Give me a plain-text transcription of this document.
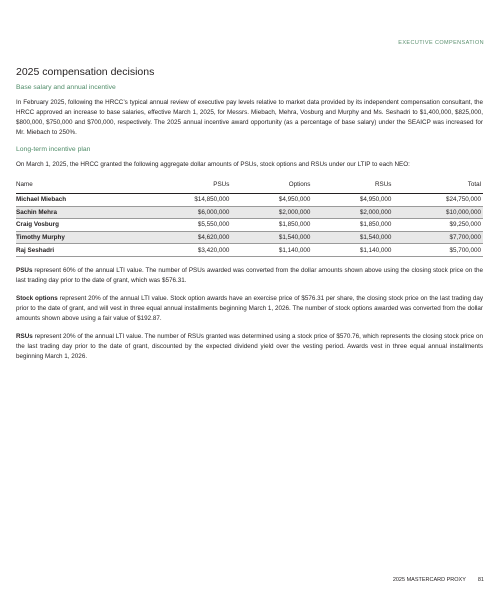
EXECUTIVE COMPENSATION
2025 compensation decisions
Base salary and annual incentive

In February 2025, following the HRCC’s typical annual review of executive pay levels relative to market data provided by its independent compensation consultant, the HRCC approved an increase to base salaries, effective March 1, 2025, for Messrs. Miebach, Mehra, Vosburg and Murphy and Ms. Seshadri to $1,400,000, $825,000, $800,000, $750,000 and $700,000, respectively. The 2025 annual incentive award opportunity (as a percentage of base salary) under the SEAICP was increased for Mr. Miebach to 250%.

Long-term incentive plan

On March 1, 2025, the HRCC granted the following aggregate dollar amounts of PSUs, stock options and RSUs under our LTIP to each NEO:

Name	PSUs	Options	RSUs	Total
Michael Miebach	$14,850,000	$4,950,000	$4,950,000	$24,750,000
Sachin Mehra	$6,000,000	$2,000,000	$2,000,000	$10,000,000
Craig Vosburg	$5,550,000	$1,850,000	$1,850,000	$9,250,000
Timothy Murphy	$4,620,000	$1,540,000	$1,540,000	$7,700,000
Raj Seshadri	$3,420,000	$1,140,000	$1,140,000	$5,700,000

PSUs represent 60% of the annual LTI value. The number of PSUs awarded was converted from the dollar amounts shown above using the closing stock price on the last trading day prior to the date of grant, which was $576.31.

Stock options represent 20% of the annual LTI value. Stock option awards have an exercise price of $576.31 per share, the closing stock price on the last trading day prior to the date of grant, and will vest in three equal annual installments beginning March 1, 2026. The number of stock options awarded was converted from the dollar amounts shown above using a fair value of $192.87.

RSUs represent 20% of the annual LTI value. The number of RSUs granted was determined using a stock price of $570.76, which represents the closing stock price on the last trading day prior to the date of grant, discounted by the expected dividend yield over the vesting period. Awards vest in three equal annual installments beginning March 1, 2026.

2025 MASTERCARD PROXY 81
